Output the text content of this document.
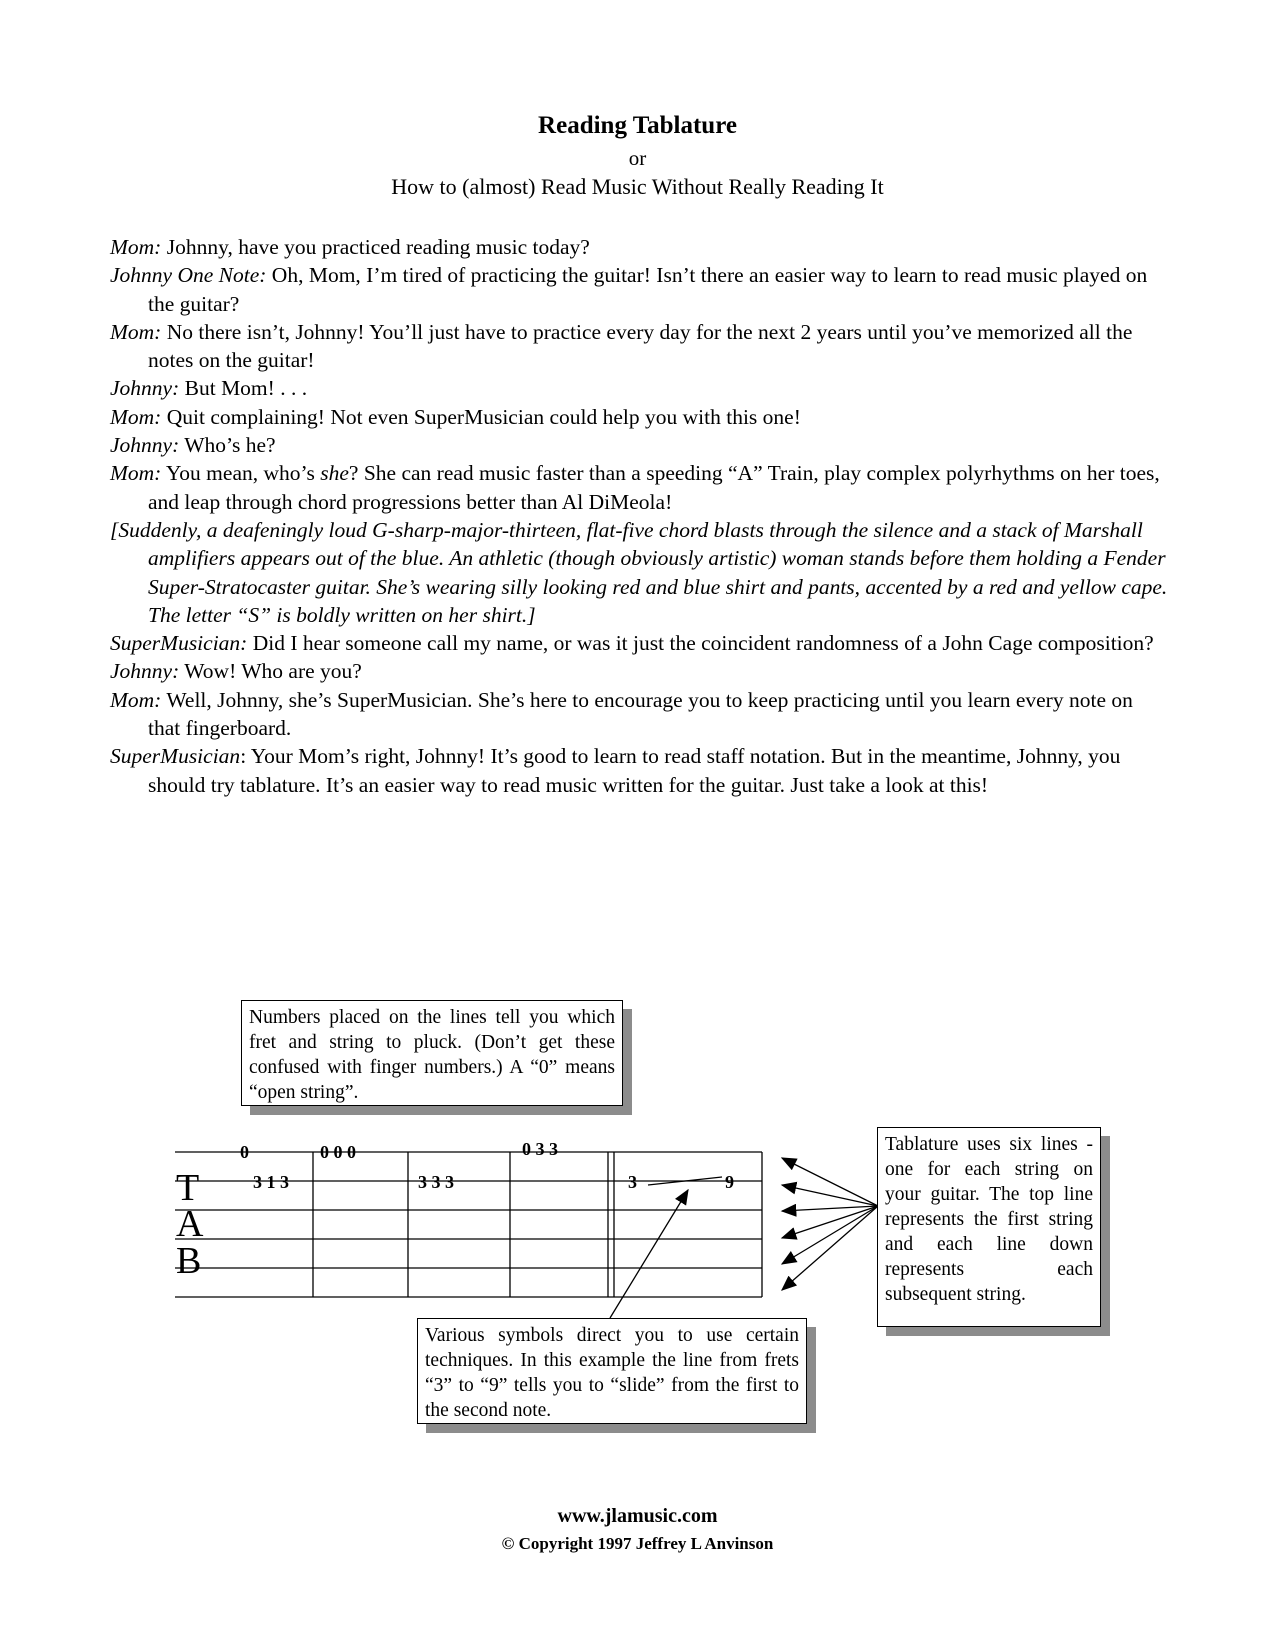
Reading Tablature
or
How to (almost) Read Music Without Really Reading It
Mom: Johnny, have you practiced reading music today?
Johnny One Note: Oh, Mom, I’m tired of practicing the guitar! Isn’t there an easier way to learn to read music played on the guitar?
Mom: No there isn’t, Johnny! You’ll just have to practice every day for the next 2 years until you’ve memorized all the notes on the guitar!
Johnny: But Mom! . . .
Mom: Quit complaining! Not even SuperMusician could help you with this one!
Johnny: Who’s he?
Mom: You mean, who’s she? She can read music faster than a speeding “A” Train, play complex polyrhythms on her toes, and leap through chord progressions better than Al DiMeola!
[Suddenly, a deafeningly loud G-sharp-major-thirteen, flat-five chord blasts through the silence and a stack of Marshall amplifiers appears out of the blue. An athletic (though obviously artistic) woman stands before them holding a Fender Super-Stratocaster guitar. She’s wearing silly looking red and blue shirt and pants, accented by a red and yellow cape. The letter “S” is boldly written on her shirt.]
SuperMusician: Did I hear someone call my name, or was it just the coincident randomness of a John Cage composition?
Johnny: Wow! Who are you?
Mom: Well, Johnny, she’s SuperMusician. She’s here to encourage you to keep practicing until you learn every note on that fingerboard.
SuperMusician: Your Mom’s right, Johnny! It’s good to learn to read staff notation. But in the meantime, Johnny, you should try tablature. It’s an easier way to read music written for the guitar. Just take a look at this!
T
A
B
0
3 1 3
0 0 0
3 3 3
0 3 3
3	9
Numbers placed on the lines tell you which fret and string to pluck. (Don’t get these confused with finger numbers.) A “0” means “open string”.
Tablature uses six lines - one for each string on your guitar. The top line represents the first string and each line down represents each subsequent string.
Various symbols direct you to use certain techniques. In this example the line from frets “3” to “9” tells you to “slide” from the first to the second note.
www.jlamusic.com
© Copyright 1997 Jeffrey L Anvinson
